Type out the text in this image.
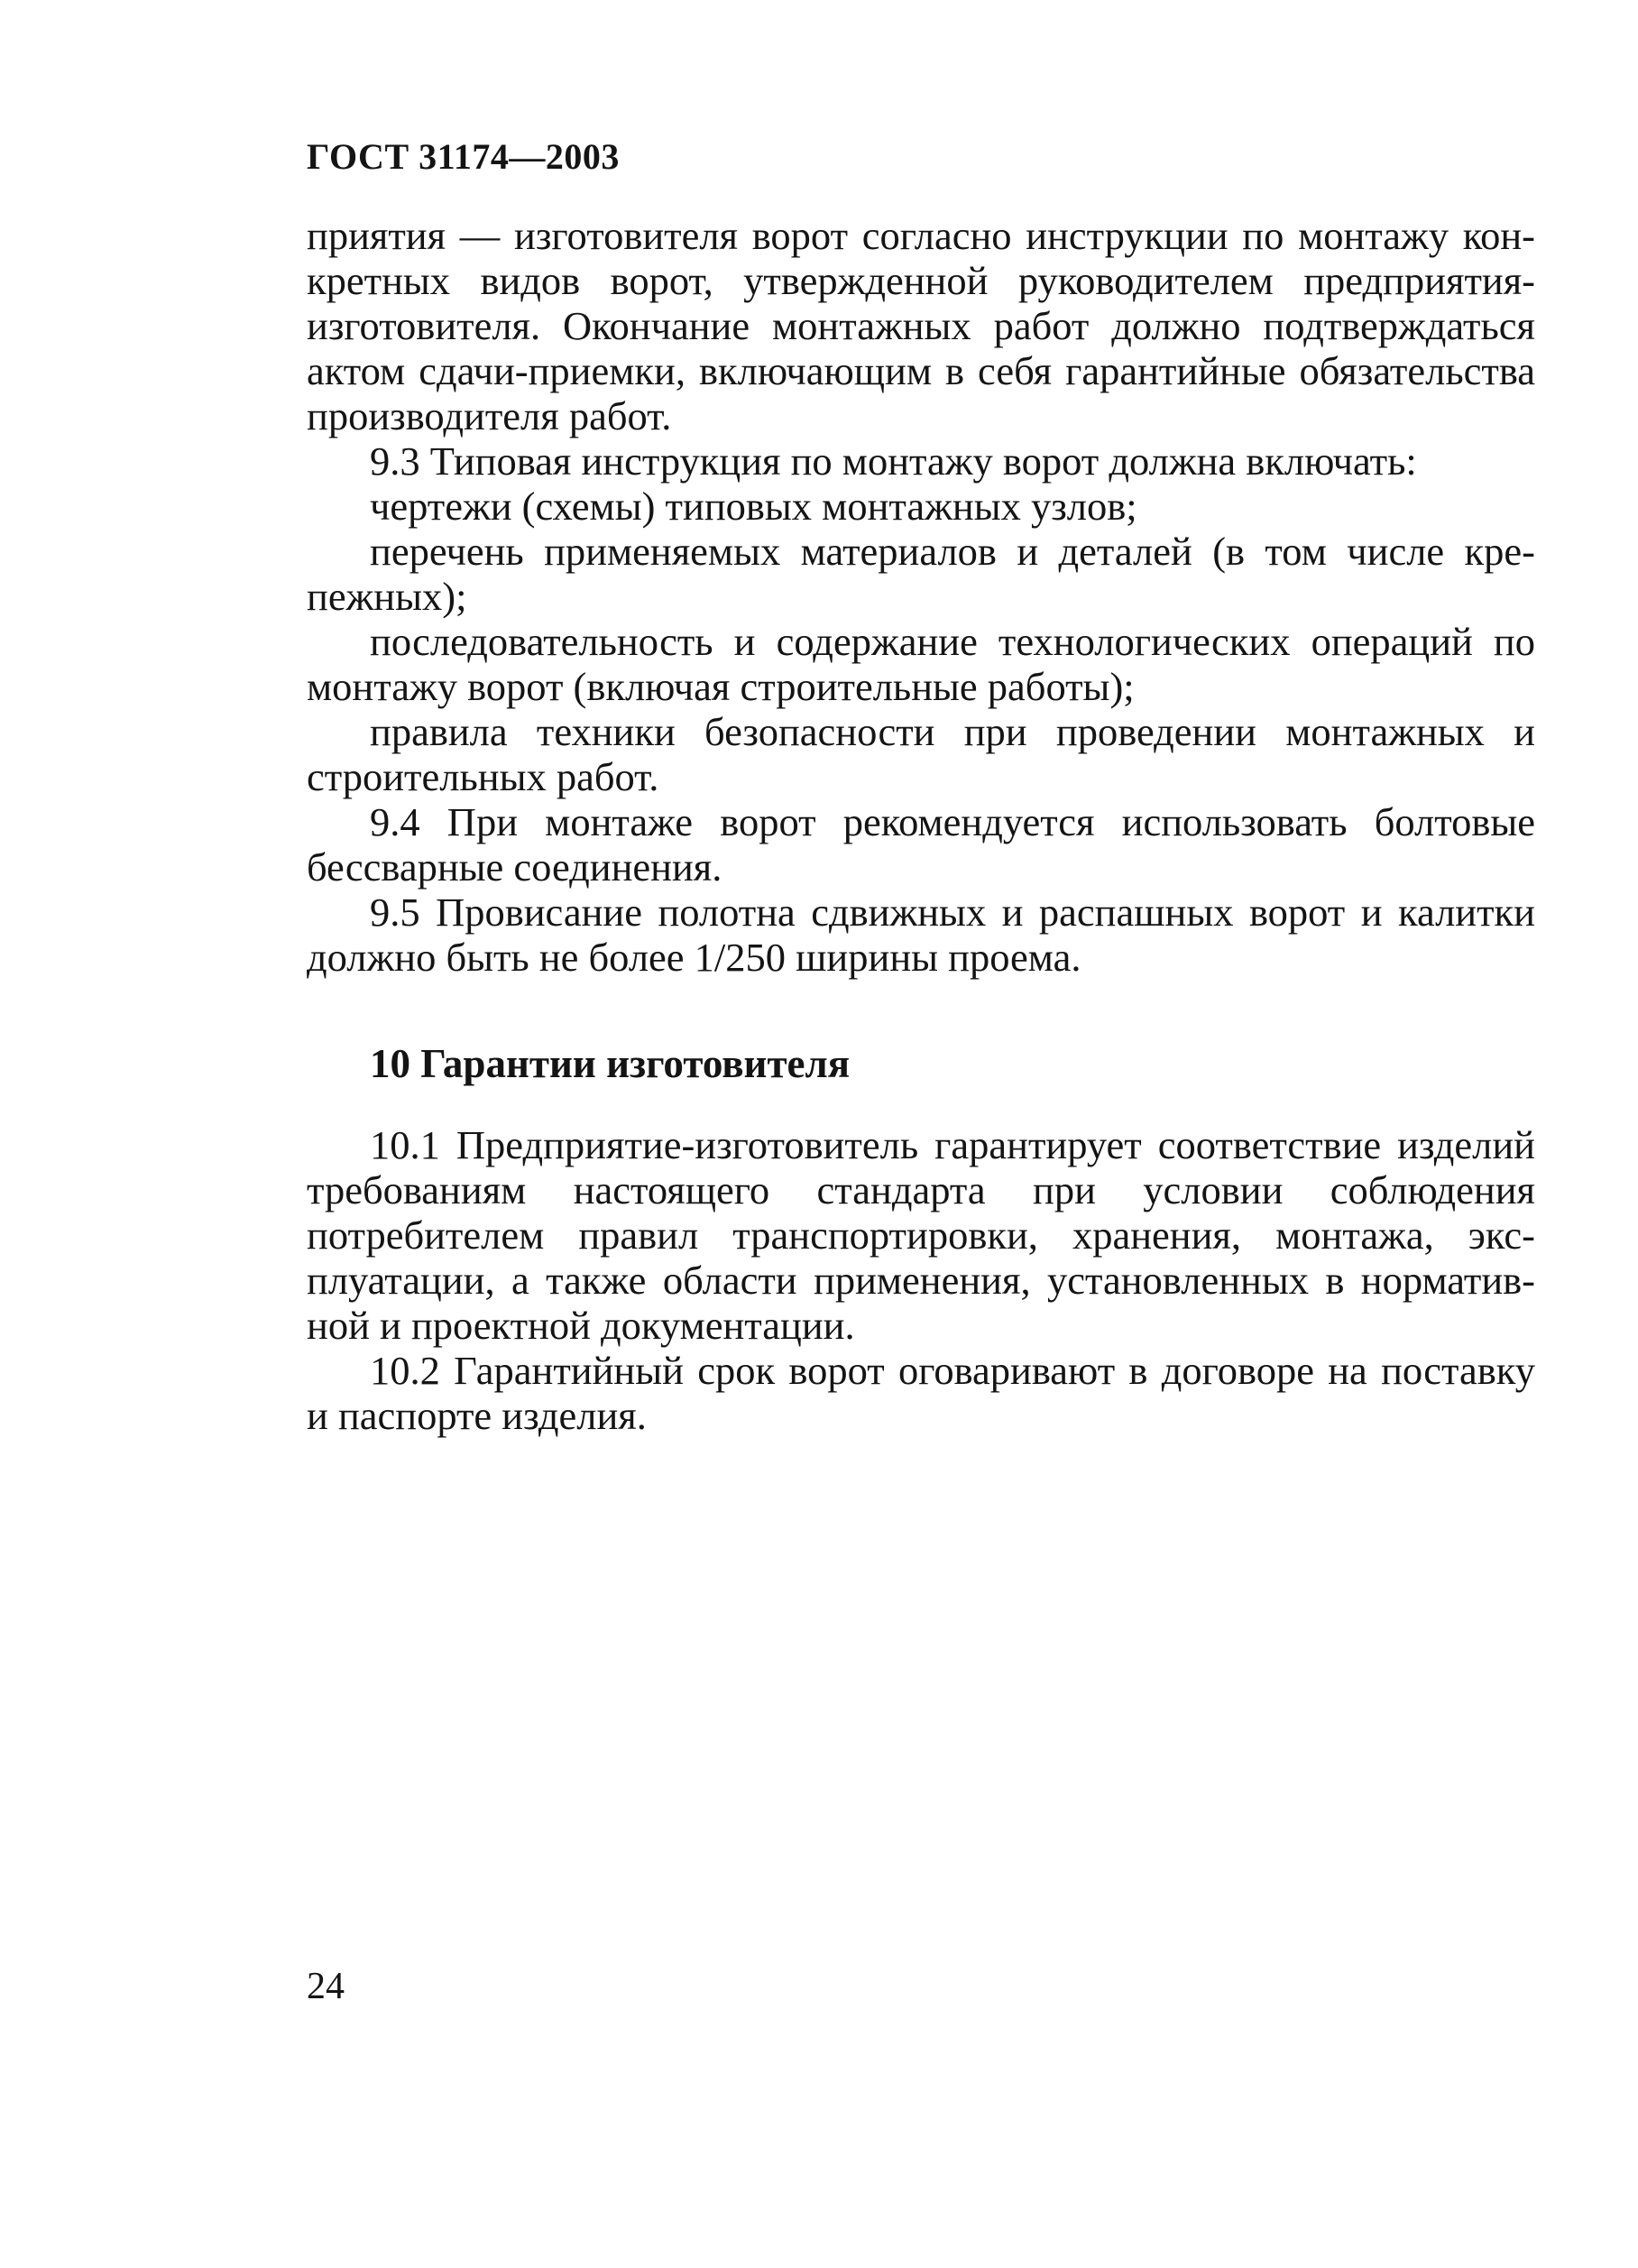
ГОСТ 31174—2003

приятия — изготовителя ворот согласно инструкции по монтажу конкретных видов ворот, утвержденной руководителем предприятия-изготовителя. Окончание монтажных работ должно подтверждаться актом сдачи-приемки, включающим в себя гарантийные обязательства производителя работ.

9.3 Типовая инструкция по монтажу ворот должна включать:

чертежи (схемы) типовых монтажных узлов;

перечень применяемых материалов и деталей (в том числе крепежных);

последовательность и содержание технологических операций по монтажу ворот (включая строительные работы);

правила техники безопасности при проведении монтажных и строительных работ.

9.4 При монтаже ворот рекомендуется использовать болтовые бессварные соединения.

9.5 Провисание полотна сдвижных и распашных ворот и калитки должно быть не более 1/250 ширины проема.

10 Гарантии изготовителя

10.1 Предприятие-изготовитель гарантирует соответствие изделий требованиям настоящего стандарта при условии соблюдения потребителем правил транспортировки, хранения, монтажа, эксплуатации, а также области применения, установленных в нормативной и проектной документации.

10.2 Гарантийный срок ворот оговаривают в договоре на поставку и паспорте изделия.

24
